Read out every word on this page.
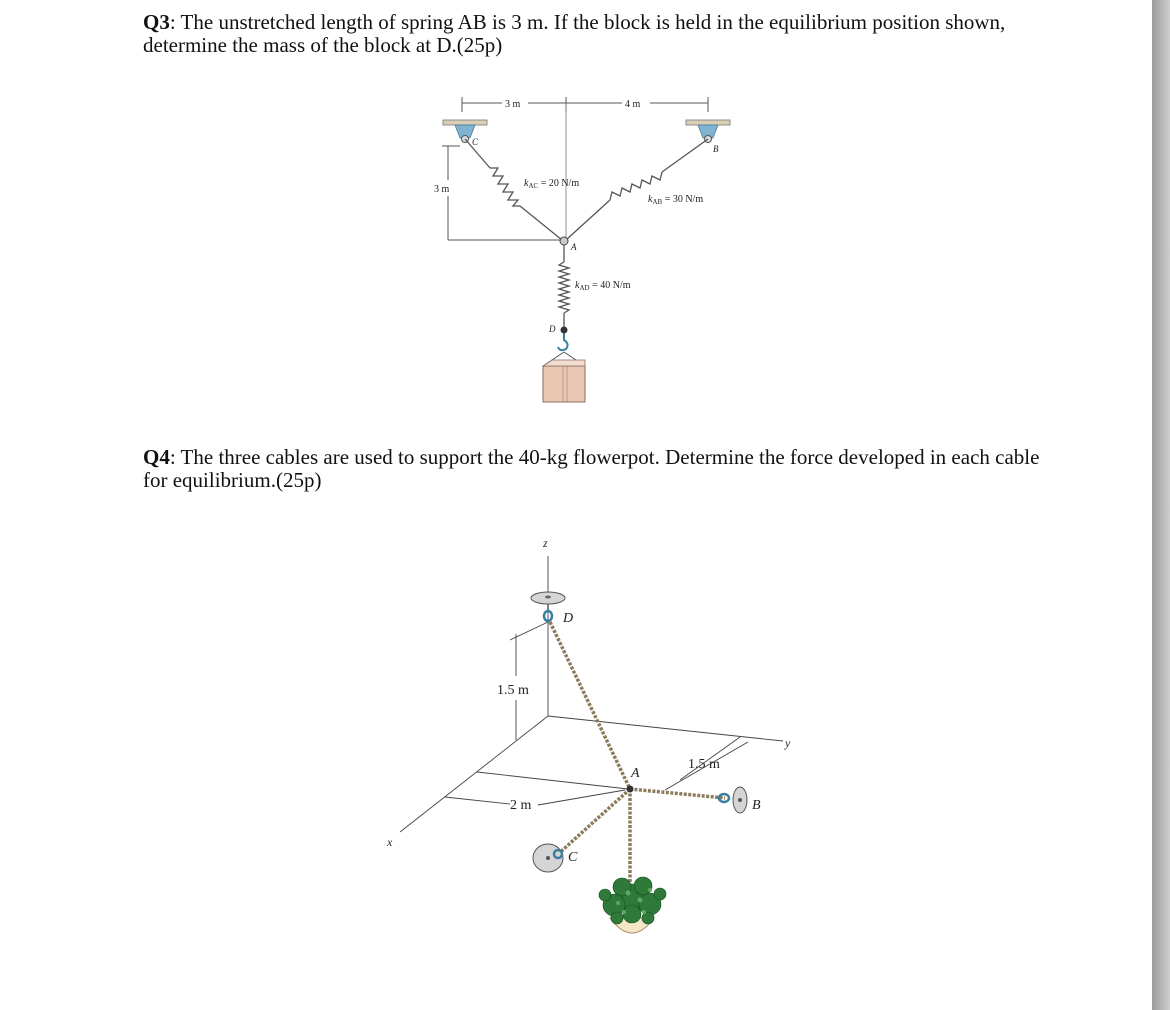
Q3: The unstretched length of spring AB is 3 m. If the block is held in the equilibrium position shown, determine the mass of the block at D.(25p)

3 m	4 m
3 m
C
B
$k_{AC} = 20$ N/m
$k_{AB} = 30$ N/m
A
$k_{AD} = 40$ N/m
D

Q4: The three cables are used to support the 40-kg flowerpot. Determine the force developed in each cable for equilibrium.(25p)

z
y
x
1.5 m
1.5 m
2 m
D
A
B
C
